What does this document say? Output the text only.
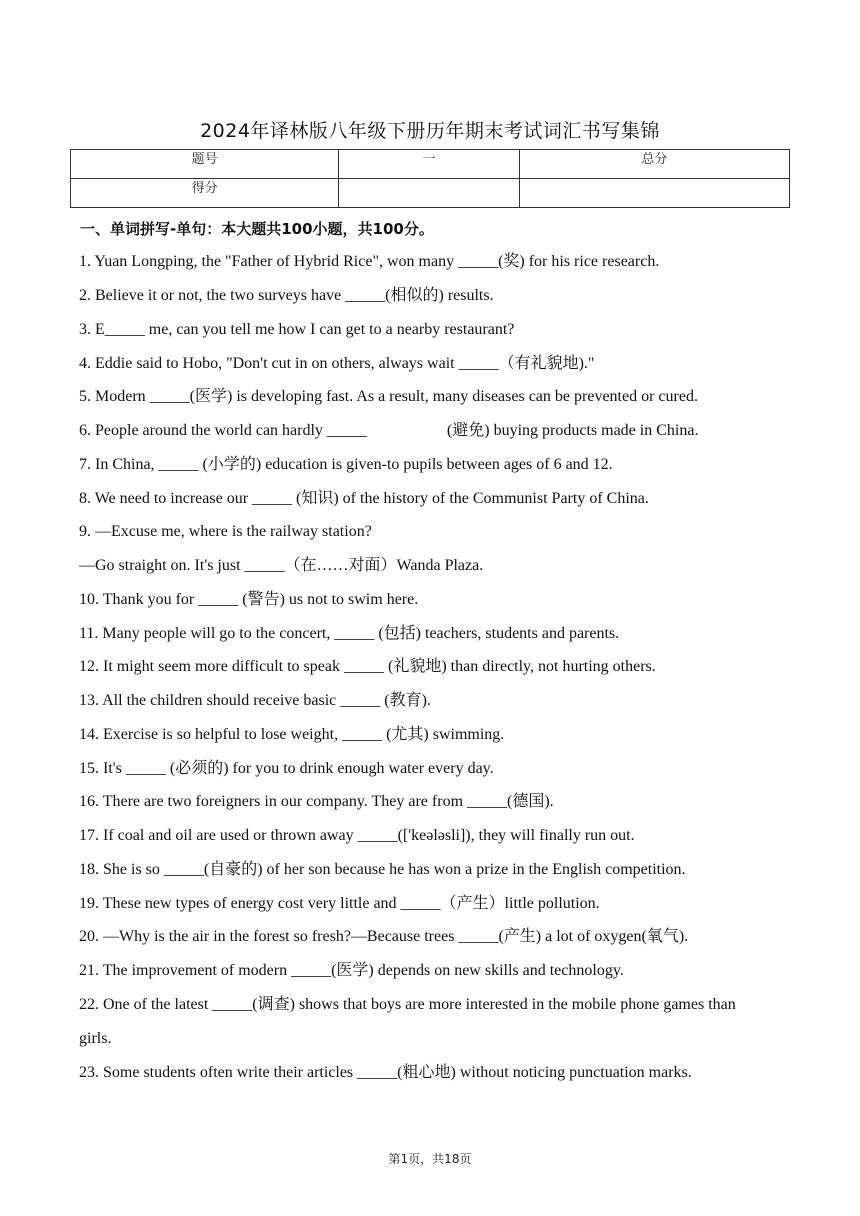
2024年译林版八年级下册历年期末考试词汇书写集锦
题号	一	总分
得分		
一、单词拼写-单句：本大题共100小题，共100分。
1. Yuan Longping, the "Father of Hybrid Rice", won many _____(奖) for his rice research.
2. Believe it or not, the two surveys have _____(相似的) results.
3. E_____ me, can you tell me how I can get to a nearby restaurant?
4. Eddie said to Hobo, "Don't cut in on others, always wait _____（有礼貌地)."
5. Modern _____(医学) is developing fast. As a result, many diseases can be prevented or cured.
6. People around the world can hardly _____                    (避免) buying products made in China.
7. In China, _____ (小学的) education is given-to pupils between ages of 6 and 12.
8. We need to increase our _____ (知识) of the history of the Communist Party of China.
9. —Excuse me, where is the railway station?
—Go straight on. It's just _____（在……对面）Wanda Plaza.
10. Thank you for _____ (警告) us not to swim here.
11. Many people will go to the concert, _____ (包括) teachers, students and parents.
12. It might seem more difficult to speak _____ (礼貌地) than directly, not hurting others.
13. All the children should receive basic _____ (教育).
14. Exercise is so helpful to lose weight, _____ (尤其) swimming.
15. It's _____ (必须的) for you to drink enough water every day.
16. There are two foreigners in our company. They are from _____(德国).
17. If coal and oil are used or thrown away _____(['keələsli]), they will finally run out.
18. She is so _____(自豪的) of her son because he has won a prize in the English competition.
19. These new types of energy cost very little and _____（产生）little pollution.
20. —Why is the air in the forest so fresh?—Because trees _____(产生) a lot of oxygen(氧气).
21. The improvement of modern _____(医学) depends on new skills and technology.
22. One of the latest _____(调查) shows that boys are more interested in the mobile phone games than
girls.
23. Some students often write their articles _____(粗心地) without noticing punctuation marks.
第1页，共18页
